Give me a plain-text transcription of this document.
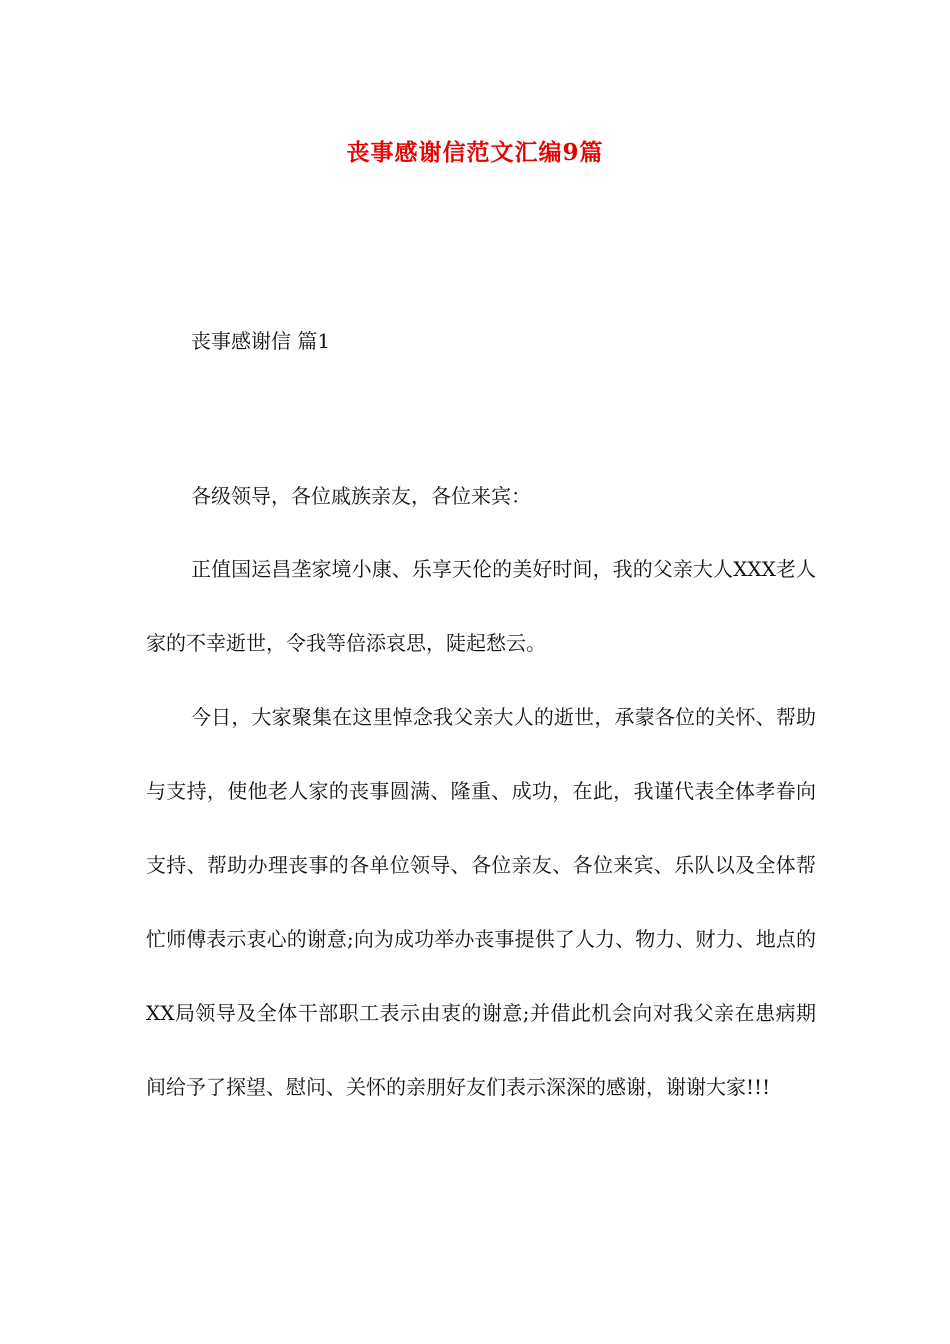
丧事感谢信范文汇编9篇
丧事感谢信 篇1

各级领导，各位戚族亲友，各位来宾：

正值国运昌垄家境小康、乐享天伦的美好时间，我的父亲大人XXX老人家的不幸逝世，令我等倍添哀思，陡起愁云。

今日，大家聚集在这里悼念我父亲大人的逝世，承蒙各位的关怀、帮助与支持，使他老人家的丧事圆满、隆重、成功，在此，我谨代表全体孝眷向支持、帮助办理丧事的各单位领导、各位亲友、各位来宾、乐队以及全体帮忙师傅表示衷心的谢意;向为成功举办丧事提供了人力、物力、财力、地点的XX局领导及全体干部职工表示由衷的谢意;并借此机会向对我父亲在患病期间给予了探望、慰问、关怀的亲朋好友们表示深深的感谢，谢谢大家!!!
